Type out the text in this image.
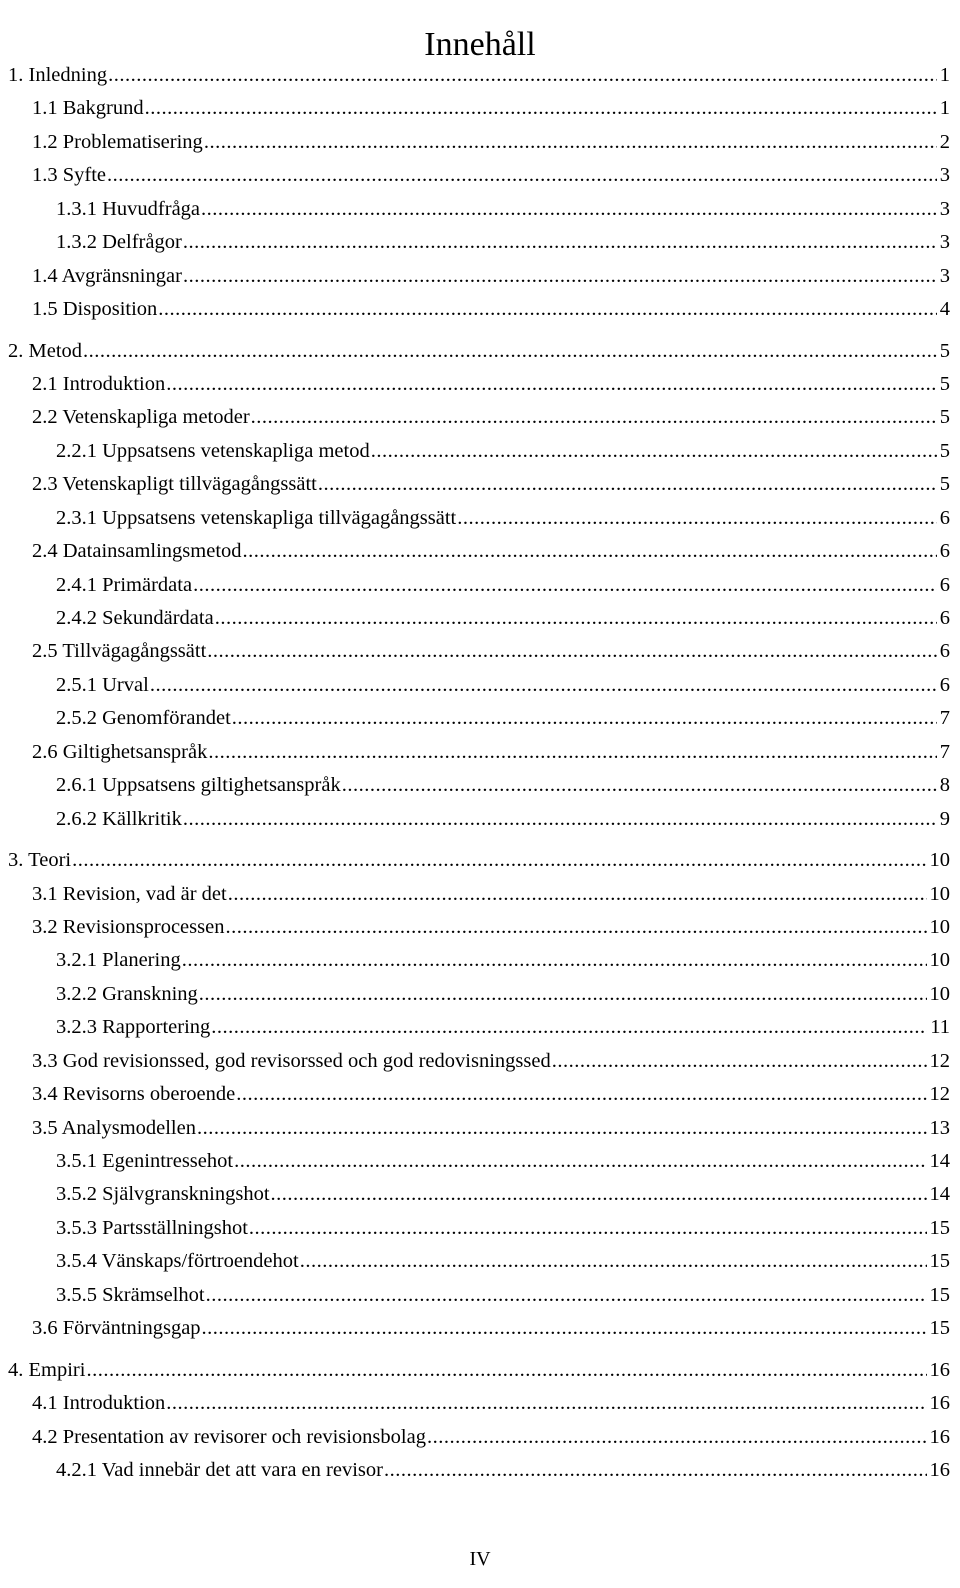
Innehåll
1. Inledning .....	1
1.1 Bakgrund .....	1
1.2 Problematisering .....	2
1.3 Syfte .....	3
1.3.1 Huvudfråga .....	3
1.3.2 Delfrågor .....	3
1.4 Avgränsningar .....	3
1.5 Disposition .....	4
2. Metod .....	5
2.1 Introduktion .....	5
2.2 Vetenskapliga metoder .....	5
2.2.1 Uppsatsens vetenskapliga metod .....	5
2.3 Vetenskapligt tillvägagångssätt .....	5
2.3.1 Uppsatsens vetenskapliga tillvägagångssätt .....	6
2.4 Datainsamlingsmetod .....	6
2.4.1 Primärdata .....	6
2.4.2 Sekundärdata .....	6
2.5 Tillvägagångssätt .....	6
2.5.1 Urval .....	6
2.5.2 Genomförandet .....	7
2.6 Giltighetsanspråk .....	7
2.6.1 Uppsatsens giltighetsanspråk .....	8
2.6.2 Källkritik .....	9
3. Teori .....	10
3.1 Revision, vad är det .....	10
3.2 Revisionsprocessen .....	10
3.2.1 Planering .....	10
3.2.2 Granskning .....	10
3.2.3 Rapportering .....	11
3.3 God revisionssed, god revisorssed och god redovisningssed .....	12
3.4 Revisorns oberoende .....	12
3.5 Analysmodellen .....	13
3.5.1 Egenintressehot .....	14
3.5.2 Självgranskningshot .....	14
3.5.3 Partsställningshot .....	15
3.5.4 Vänskaps/förtroendehot .....	15
3.5.5 Skrämselhot .....	15
3.6 Förväntningsgap .....	15
4. Empiri .....	16
4.1 Introduktion .....	16
4.2 Presentation av revisorer och revisionsbolag .....	16
4.2.1 Vad innebär det att vara en revisor .....	16
IV
